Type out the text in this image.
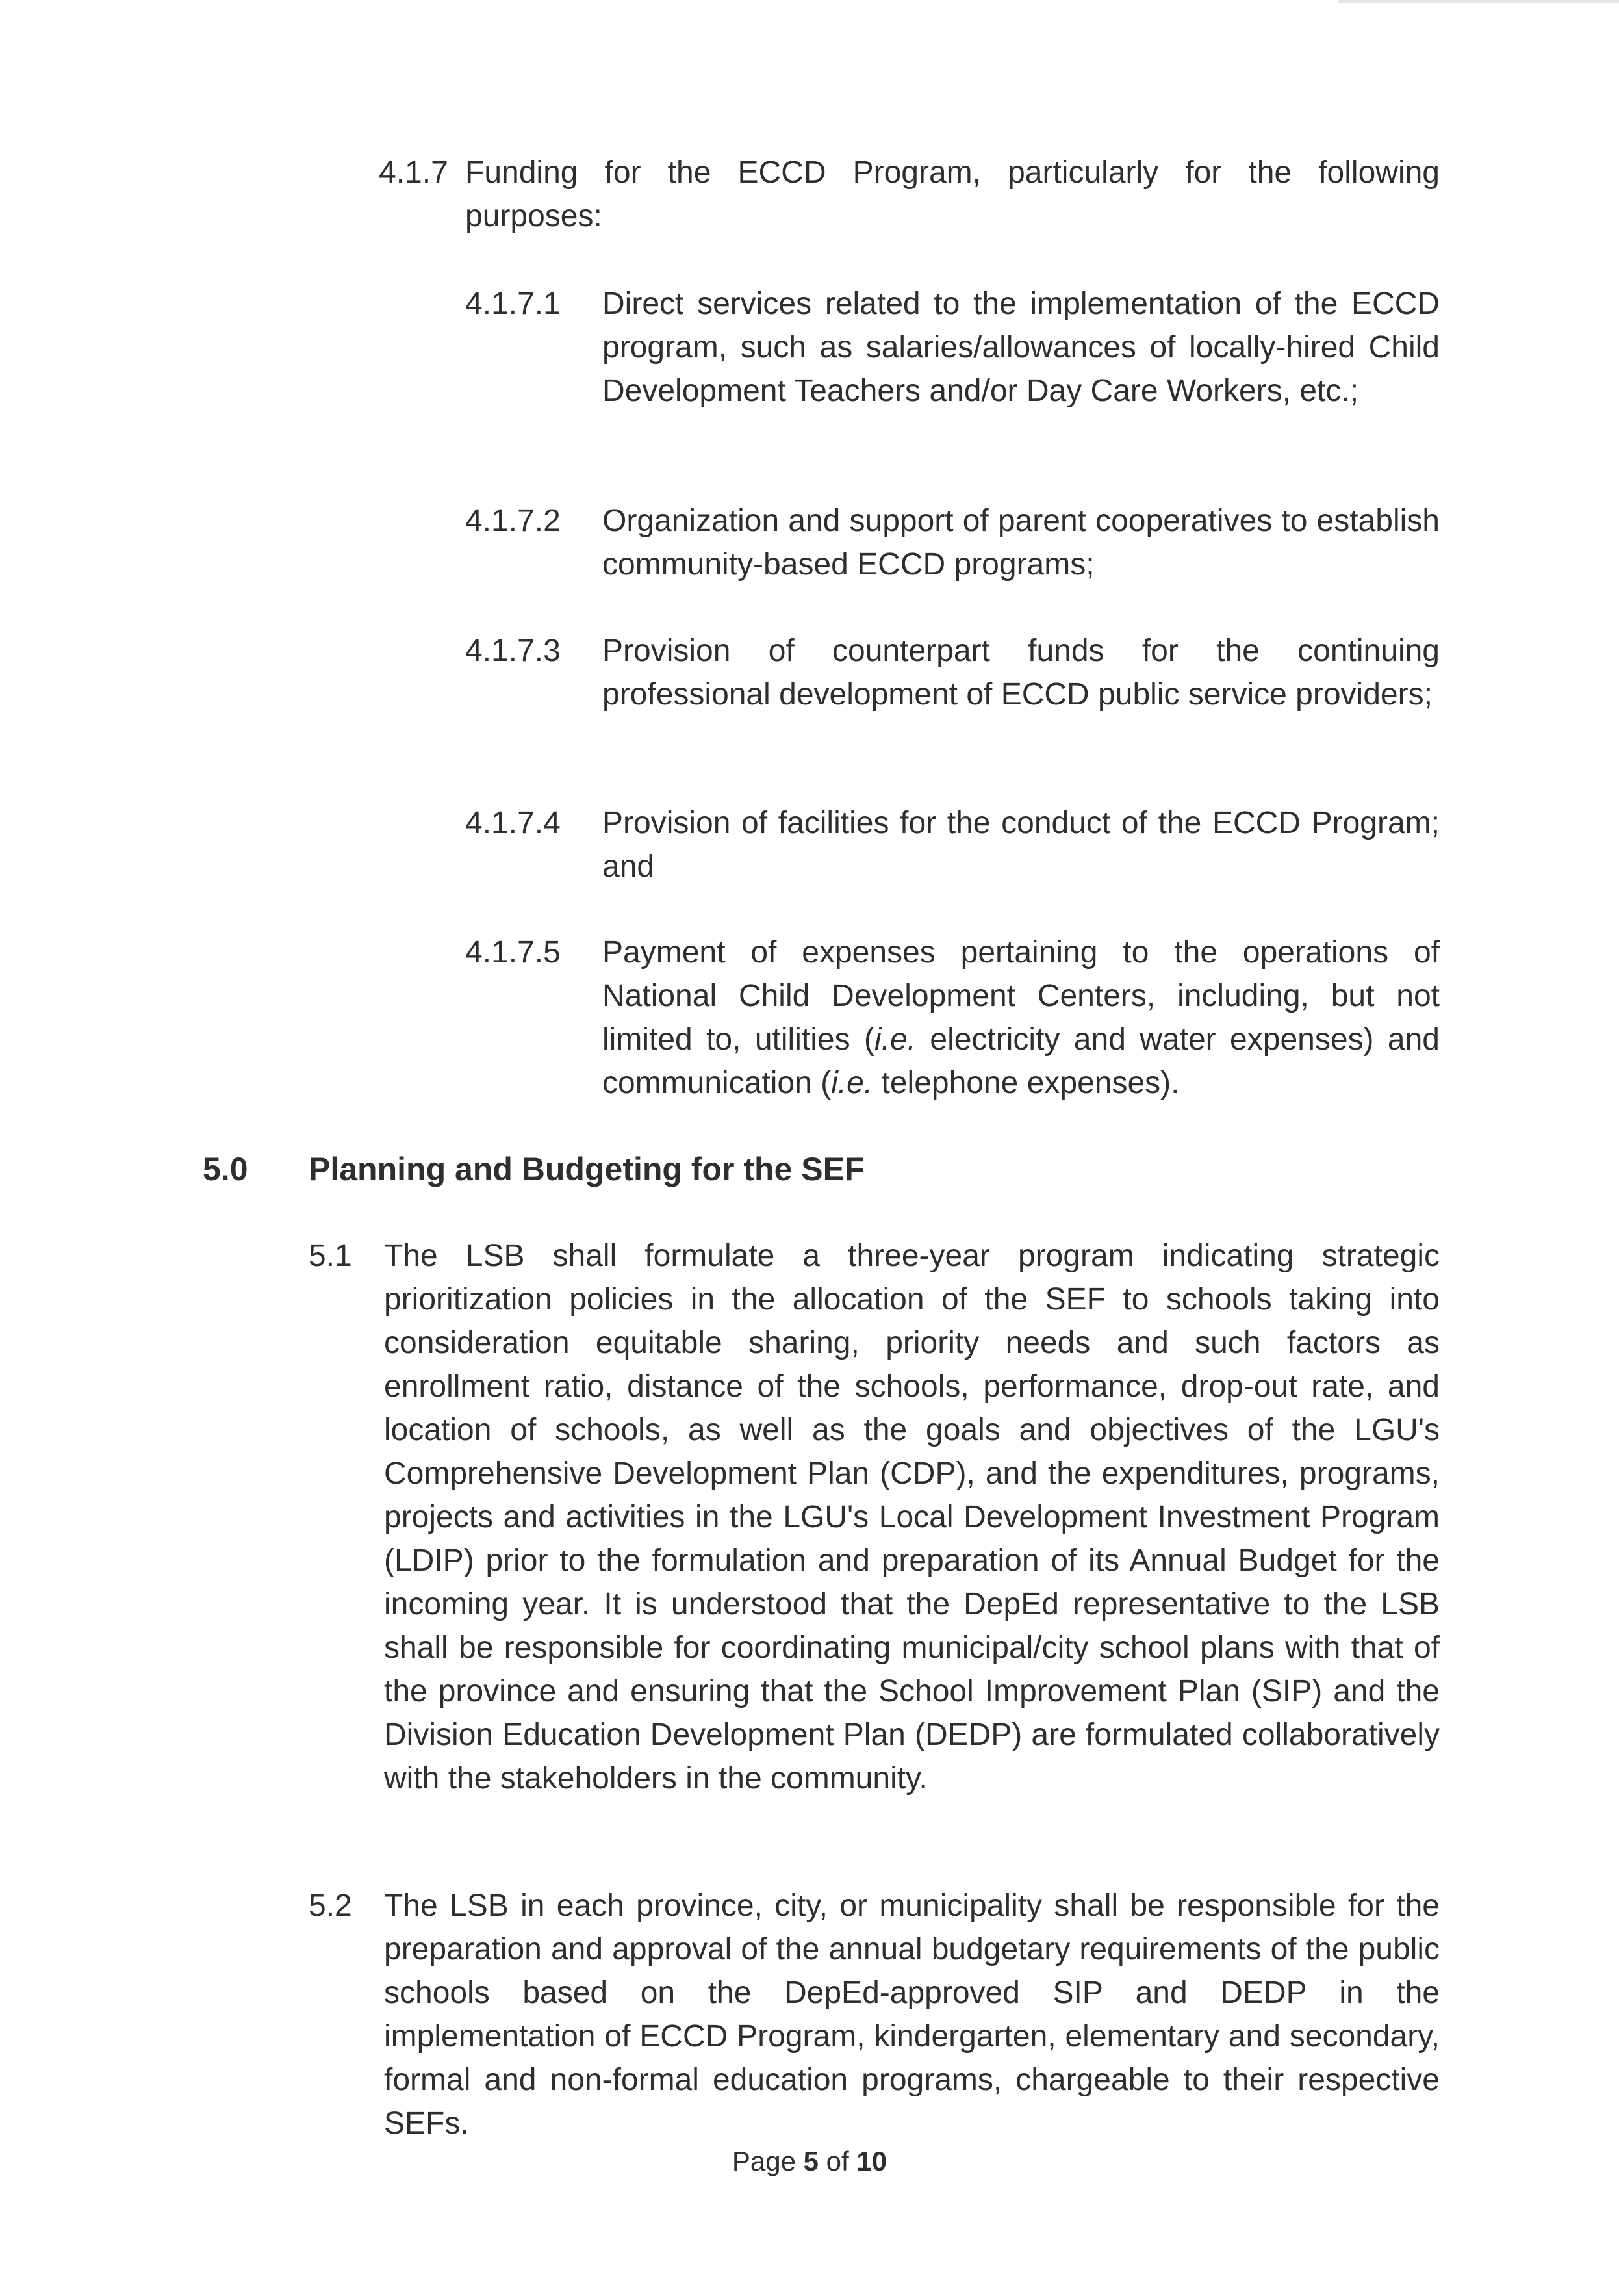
4.1.7 Funding for the ECCD Program, particularly for the following purposes:

4.1.7.1 Direct services related to the implementation of the ECCD program, such as salaries/allowances of locally-hired Child Development Teachers and/or Day Care Workers, etc.;

4.1.7.2 Organization and support of parent cooperatives to establish community-based ECCD programs;

4.1.7.3 Provision of counterpart funds for the continuing professional development of ECCD public service providers;

4.1.7.4 Provision of facilities for the conduct of the ECCD Program; and

4.1.7.5 Payment of expenses pertaining to the operations of National Child Development Centers, including, but not limited to, utilities (i.e. electricity and water expenses) and communication (i.e. telephone expenses).

5.0 Planning and Budgeting for the SEF

5.1 The LSB shall formulate a three-year program indicating strategic prioritization policies in the allocation of the SEF to schools taking into consideration equitable sharing, priority needs and such factors as enrollment ratio, distance of the schools, performance, drop-out rate, and location of schools, as well as the goals and objectives of the LGU's Comprehensive Development Plan (CDP), and the expenditures, programs, projects and activities in the LGU's Local Development Investment Program (LDIP) prior to the formulation and preparation of its Annual Budget for the incoming year. It is understood that the DepEd representative to the LSB shall be responsible for coordinating municipal/city school plans with that of the province and ensuring that the School Improvement Plan (SIP) and the Division Education Development Plan (DEDP) are formulated collaboratively with the stakeholders in the community.

5.2 The LSB in each province, city, or municipality shall be responsible for the preparation and approval of the annual budgetary requirements of the public schools based on the DepEd-approved SIP and DEDP in the implementation of ECCD Program, kindergarten, elementary and secondary, formal and non-formal education programs, chargeable to their respective SEFs.

Page 5 of 10
